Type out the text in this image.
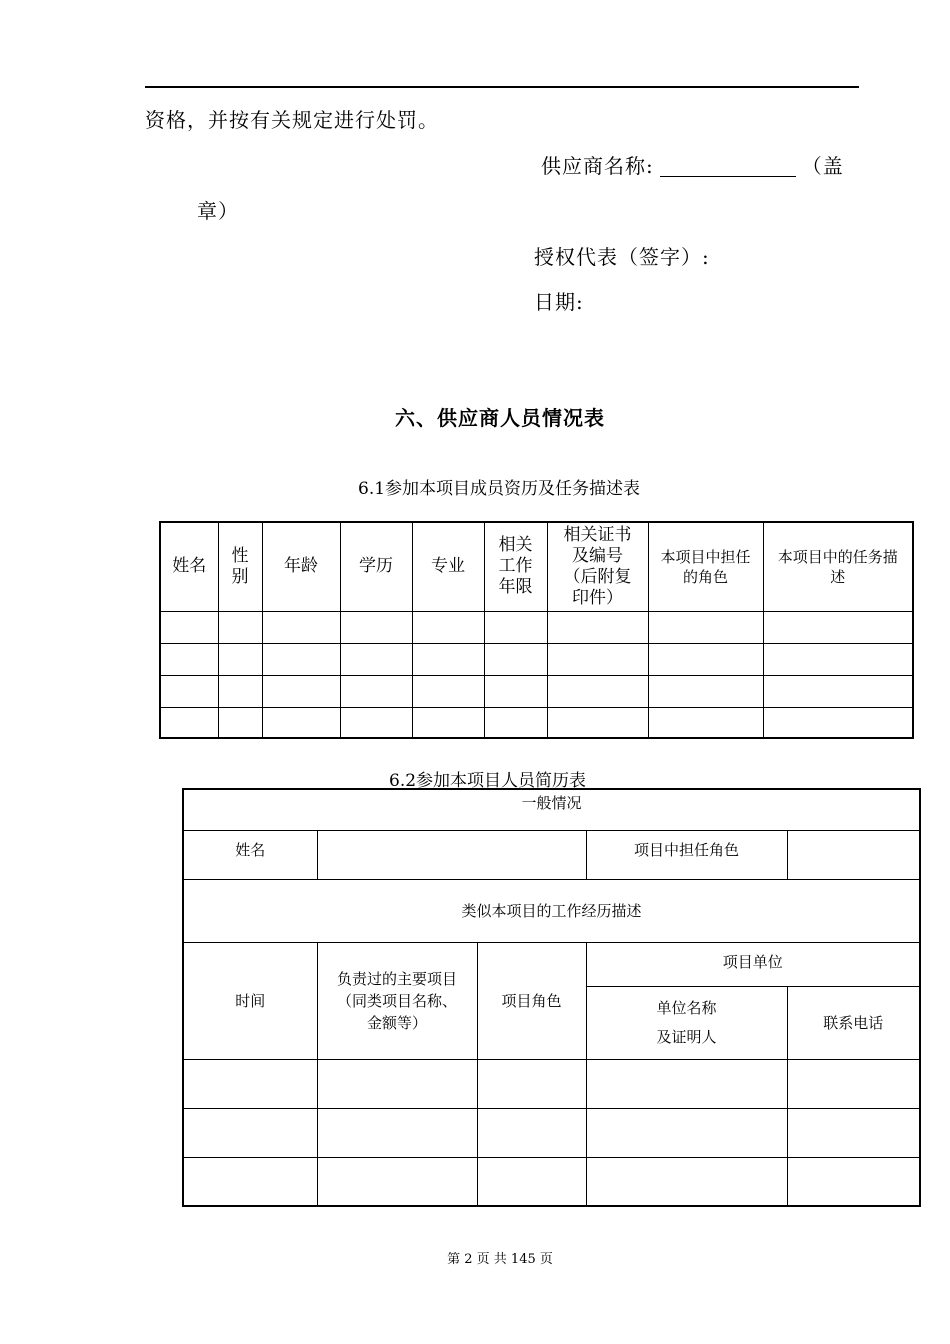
资格，并按有关规定进行处罚。
供应商名称:	（盖
章）
授权代表（签字）:
日期:
六、供应商人员情况表
6.1参加本项目成员资历及任务描述表
姓名	性别	年龄	学历	专业	相关工作年限	相关证书及编号（后附复印件）	本项目中担任的角色	本项目中的任务描述

6.2参加本项目人员简历表
一般情况				
姓名			项目中担任角色	
类似本项目的工作经历描述				
时间	负责过的主要项目（同类项目名称、金额等）	项目角色	项目单位	

			单位名称
及证明人	联系电话

第 2 页 共 145 页
